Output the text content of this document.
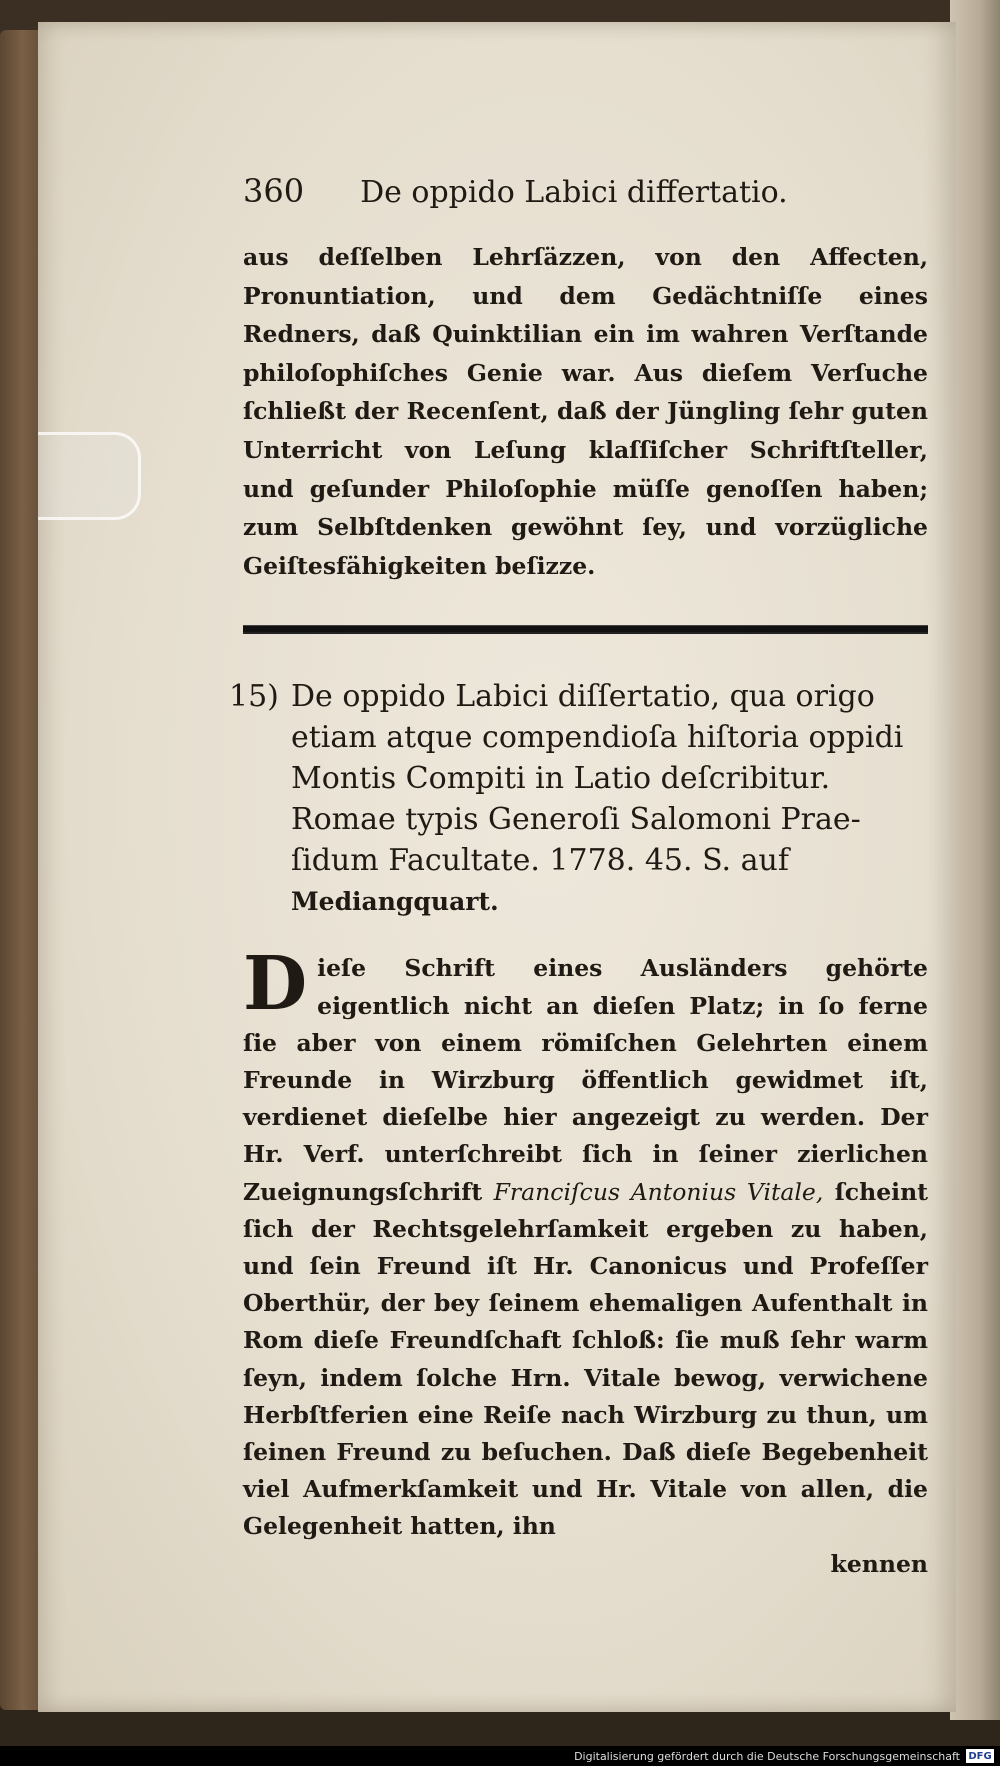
360 De oppido Labici differtatio.
aus deſſelben Lehrſäzzen, von den Affecten, Pronuntiation, und dem Gedächtniſſe eines Redners, daß Quinktilian ein im wahren Verſtande philoſophiſches Genie war. Aus dieſem Verſuche ſchließt der Recenſent, daß der Jüngling ſehr guten Unterricht von Leſung klaſſiſcher Schriftſteller, und geſunder Philoſophie müſſe genoſſen haben; zum Selbſtdenken gewöhnt ſey, und vorzügliche Geiſtesfähigkeiten beſizze.
15) De oppido Labici diſſertatio, qua origo
etiam atque compendioſa hiſtoria oppidi
Montis Compiti in Latio deſcribitur.
Romae typis Generoſi Salomoni Prae-
ſidum Facultate. 1778. 45. S. auf
Mediangquart.
D ieſe Schrift eines Ausländers gehörte eigentlich nicht an dieſen Platz; in ſo ferne ſie aber von einem römiſchen Gelehrten einem Freunde in Wirzburg öffentlich gewidmet iſt, verdienet dieſelbe hier angezeigt zu werden. Der Hr. Verf. unterſchreibt ſich in ſeiner zierlichen Zueignungsſchrift Franciſcus Antonius Vitale, ſcheint ſich der Rechtsgelehrſamkeit ergeben zu haben, und ſein Freund iſt Hr. Canonicus und Profeſſer Oberthür, der bey ſeinem ehemaligen Aufenthalt in Rom dieſe Freundſchaft ſchloß: ſie muß ſehr warm ſeyn, indem ſolche Hrn. Vitale bewog, verwichene Herbſtferien eine Reiſe nach Wirzburg zu thun, um ſeinen Freund zu beſuchen. Daß dieſe Begebenheit viel Aufmerkſamkeit und Hr. Vitale von allen, die Gelegenheit hatten, ihn
kennen
Digitalisierung gefördert durch die Deutsche Forschungsgemeinschaft DFG
